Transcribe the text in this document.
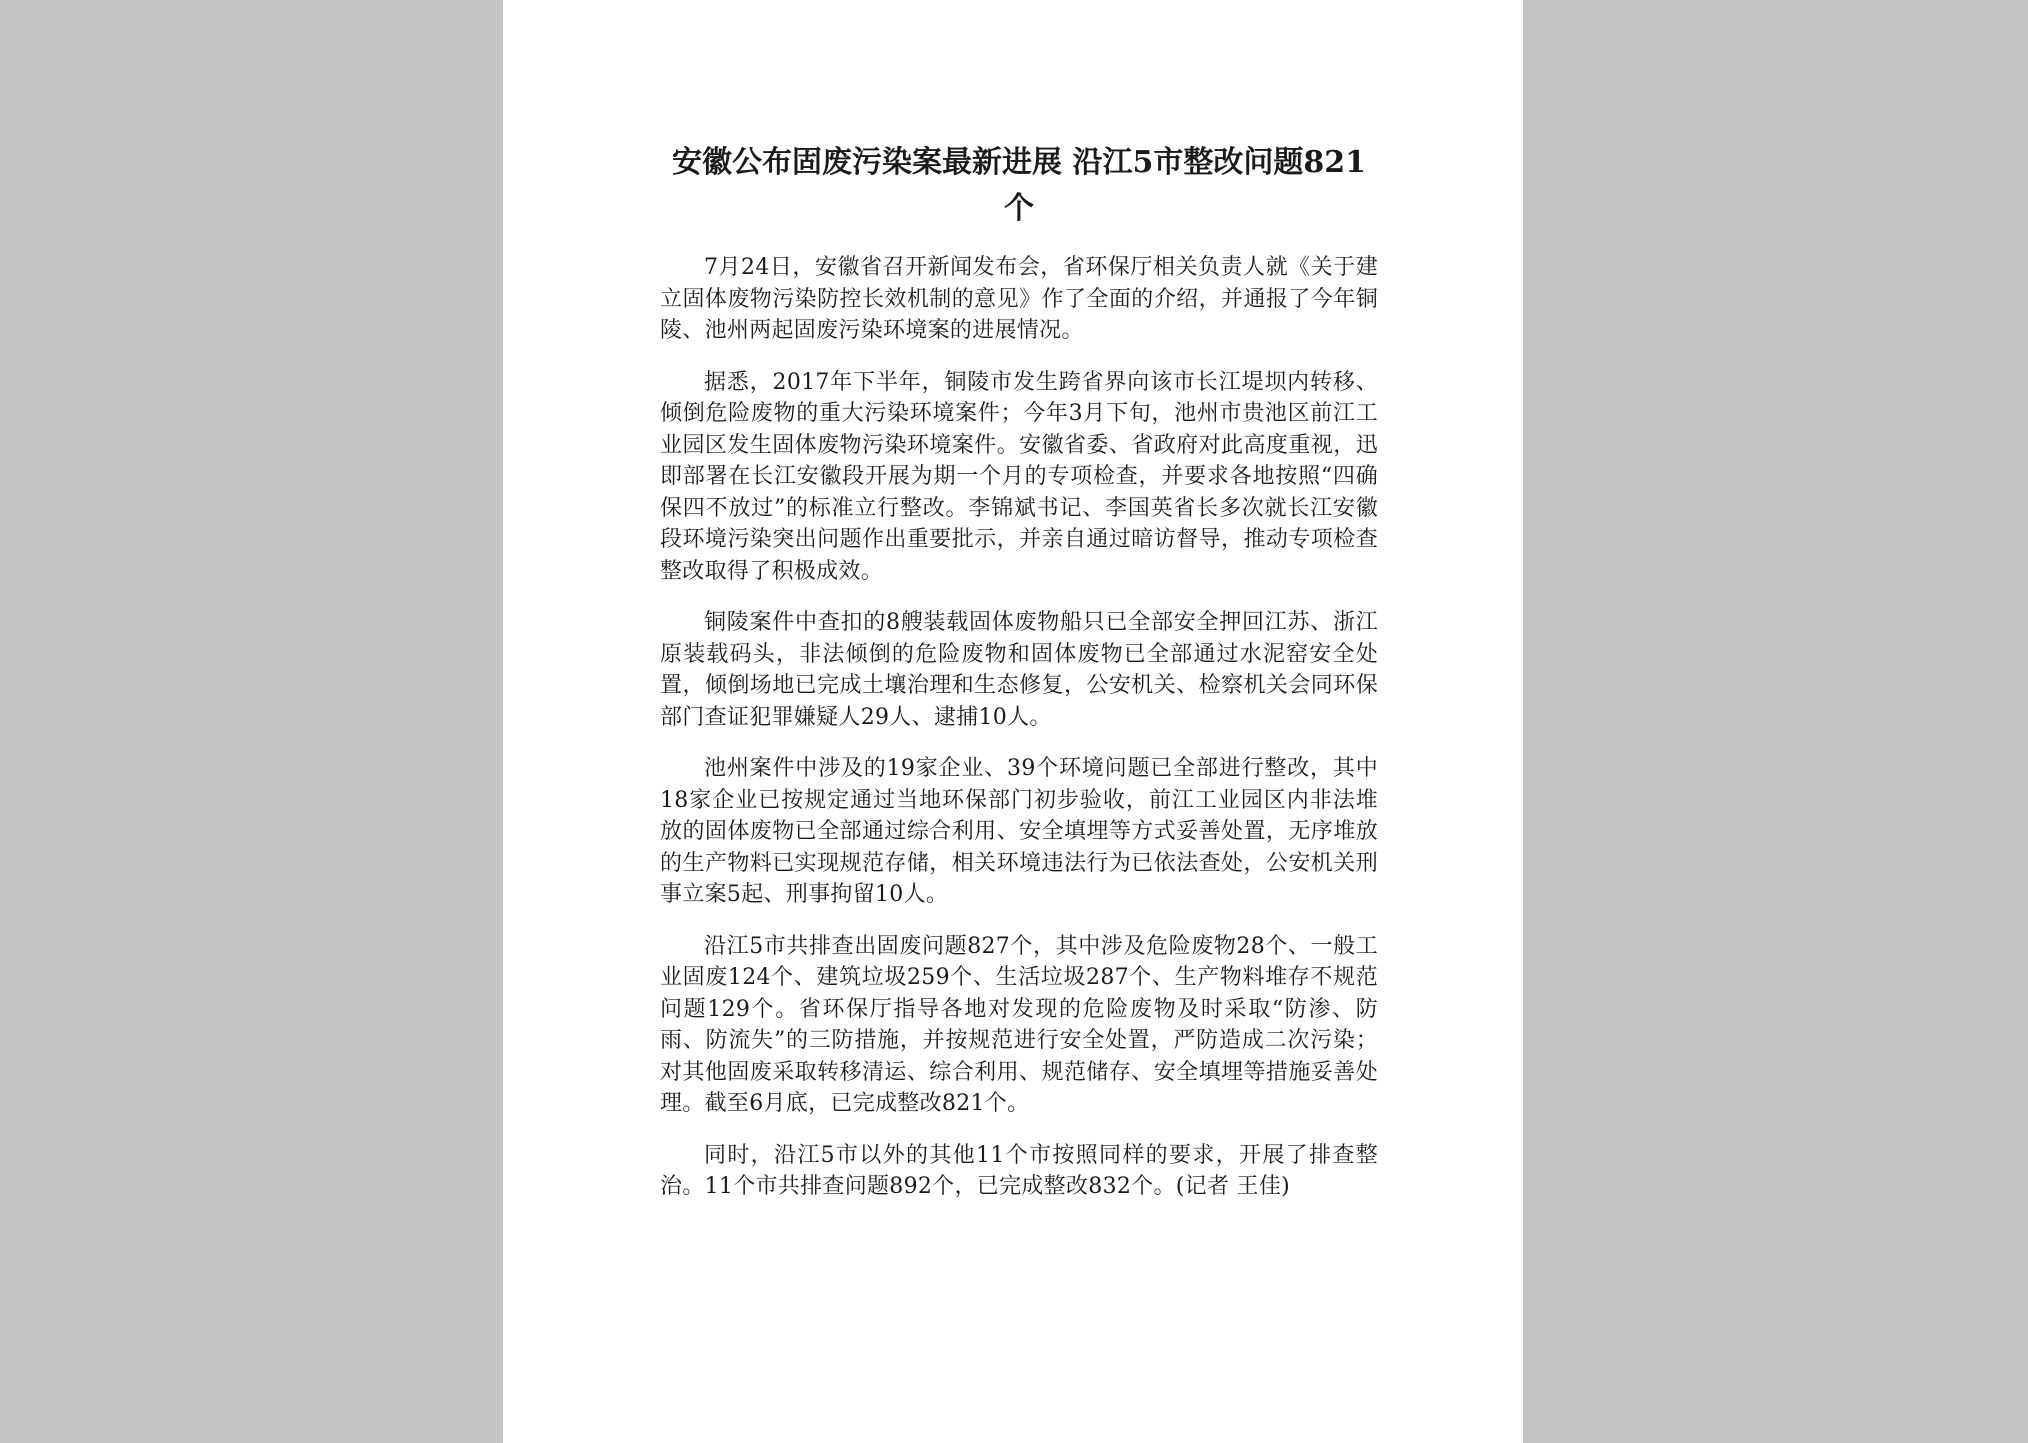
安徽公布固废污染案最新进展 沿江5市整改问题821个

7月24日，安徽省召开新闻发布会，省环保厅相关负责人就《关于建立固体废物污染防控长效机制的意见》作了全面的介绍，并通报了今年铜陵、池州两起固废污染环境案的进展情况。

据悉，2017年下半年，铜陵市发生跨省界向该市长江堤坝内转移、倾倒危险废物的重大污染环境案件；今年3月下旬，池州市贵池区前江工业园区发生固体废物污染环境案件。安徽省委、省政府对此高度重视，迅即部署在长江安徽段开展为期一个月的专项检查，并要求各地按照“四确保四不放过”的标准立行整改。李锦斌书记、李国英省长多次就长江安徽段环境污染突出问题作出重要批示，并亲自通过暗访督导，推动专项检查整改取得了积极成效。

铜陵案件中查扣的8艘装载固体废物船只已全部安全押回江苏、浙江原装载码头，非法倾倒的危险废物和固体废物已全部通过水泥窑安全处置，倾倒场地已完成土壤治理和生态修复，公安机关、检察机关会同环保部门查证犯罪嫌疑人29人、逮捕10人。

池州案件中涉及的19家企业、39个环境问题已全部进行整改，其中18家企业已按规定通过当地环保部门初步验收，前江工业园区内非法堆放的固体废物已全部通过综合利用、安全填埋等方式妥善处置，无序堆放的生产物料已实现规范存储，相关环境违法行为已依法查处，公安机关刑事立案5起、刑事拘留10人。

沿江5市共排查出固废问题827个，其中涉及危险废物28个、一般工业固废124个、建筑垃圾259个、生活垃圾287个、生产物料堆存不规范问题129个。省环保厅指导各地对发现的危险废物及时采取“防渗、防雨、防流失”的三防措施，并按规范进行安全处置，严防造成二次污染；对其他固废采取转移清运、综合利用、规范储存、安全填埋等措施妥善处理。截至6月底，已完成整改821个。

同时，沿江5市以外的其他11个市按照同样的要求，开展了排查整治。11个市共排查问题892个，已完成整改832个。(记者 王佳)
